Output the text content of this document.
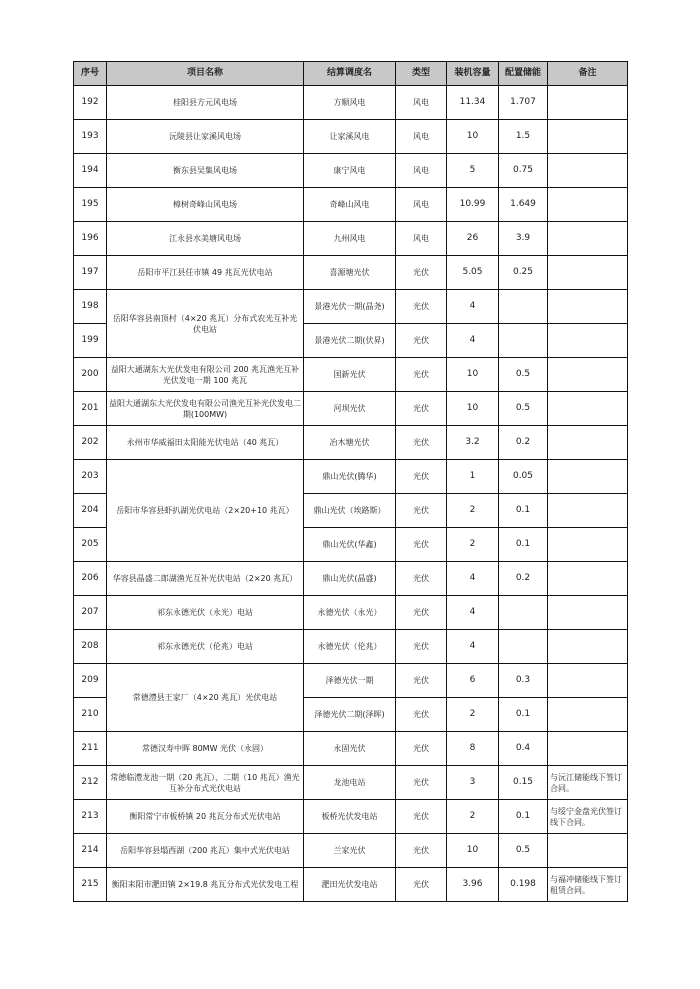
序号	项目名称	结算调度名	类型	装机容量	配置储能	备注
192	桂阳县方元风电场	方顺风电	风电	11.34	1.707	
193	沅陵县让家溪风电场	让家溪风电	风电	10	1.5	
194	衡东县吴集风电场	康宁风电	风电	5	0.75	
195	樟树奇峰山风电场	奇峰山风电	风电	10.99	1.649	
196	江永县水美塘风电场	九州风电	风电	26	3.9	
197	岳阳市平江县任市镇 49 兆瓦光伏电站	喜源塘光伏	光伏	5.05	0.25	
198	岳阳华容县南顶村（4×20 兆瓦）分布式农光互补光伏电站	景港光伏一期(晶尧)	光伏	4		
199		景港光伏二期(伏昇)	光伏	4		
200	益阳大通湖东大光伏发电有限公司 200 兆瓦渔光互补光伏发电一期 100 兆瓦	国新光伏	光伏	10	0.5	
201	益阳大通湖东大光伏发电有限公司渔光互补光伏发电二期(100MW)	河坝光伏	光伏	10	0.5	
202	永州市华威福田太阳能光伏电站（40 兆瓦）	冶木塘光伏	光伏	3.2	0.2	
203	岳阳市华容县虾扒湖光伏电站（2×20+10 兆瓦）	鼎山光伏(腾华)	光伏	1	0.05	
204		鼎山光伏（埃路斯）	光伏	2	0.1	
205		鼎山光伏(华鑫)	光伏	2	0.1	
206	华容县晶盛二郎湖渔光互补光伏电站（2×20 兆瓦）	鼎山光伏(晶盛)	光伏	4	0.2	
207	祁东永德光伏（永光）电站	永德光伏（永光）	光伏	4		
208	祁东永德光伏（伦兆）电站	永德光伏（伦兆）	光伏	4		
209	常德澧县王家厂（4×20 兆瓦）光伏电站	泽德光伏一期	光伏	6	0.3	
210		泽德光伏二期(泽晖)	光伏	2	0.1	
211	常德汉寿中晖 80MW 光伏（永固）	永固光伏	光伏	8	0.4	
212	常德临澧龙池一期（20 兆瓦）、二期（10 兆瓦）渔光互补分布式光伏电站	龙池电站	光伏	3	0.15	与沅江储能线下签订合同。
213	衡阳常宁市板桥镇 20 兆瓦分布式光伏电站	板桥光伏发电站	光伏	2	0.1	与绥宁金盘光伏签订线下合同。
214	岳阳华容县塌西湖（200 兆瓦）集中式光伏电站	兰家光伏	光伏	10	0.5	
215	衡阳耒阳市淝田镇 2×19.8 兆瓦分布式光伏发电工程	淝田光伏发电站	光伏	3.96	0.198	与福冲储能线下签订租赁合同。
